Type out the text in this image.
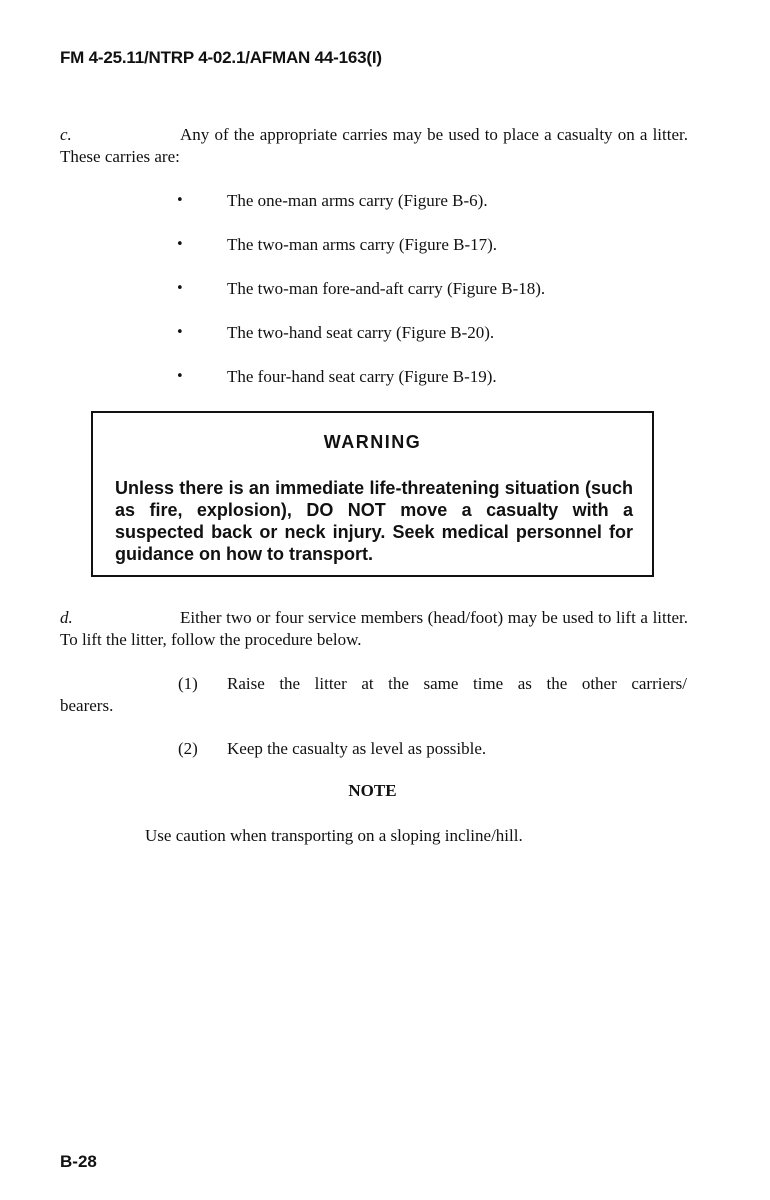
FM 4-25.11/NTRP 4-02.1/AFMAN 44-163(I)
c.	Any of the appropriate carries may be used to place a casualty on a litter. These carries are:
•	The one-man arms carry (Figure B-6).
•	The two-man arms carry (Figure B-17).
•	The two-man fore-and-aft carry (Figure B-18).
•	The two-hand seat carry (Figure B-20).
•	The four-hand seat carry (Figure B-19).
WARNING
Unless there is an immediate life-threatening situation (such as fire, explosion), DO NOT move a casualty with a suspected back or neck injury. Seek medical personnel for guidance on how to transport.
d.	Either two or four service members (head/foot) may be used to lift a litter. To lift the litter, follow the procedure below.
(1) Raise the litter at the same time as the other carriers/
bearers.
(2) Keep the casualty as level as possible.
NOTE
Use caution when transporting on a sloping incline/hill.
B-28
